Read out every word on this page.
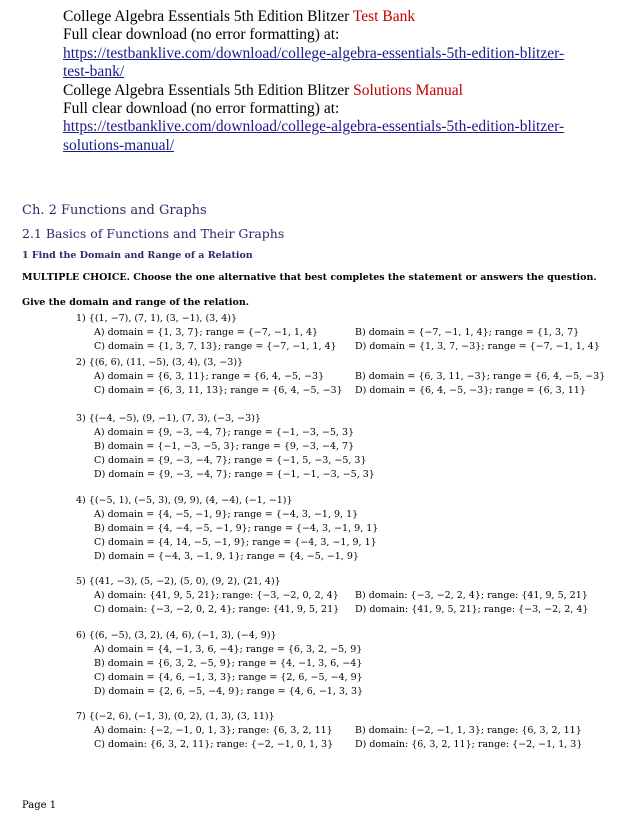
College Algebra Essentials 5th Edition Blitzer Test Bank
Full clear download (no error formatting) at:
https://testbanklive.com/download/college-algebra-essentials-5th-edition-blitzer-
test-bank/
College Algebra Essentials 5th Edition Blitzer Solutions Manual
Full clear download (no error formatting) at:
https://testbanklive.com/download/college-algebra-essentials-5th-edition-blitzer-
solutions-manual/
Ch. 2 Functions and Graphs
2.1 Basics of Functions and Their Graphs
1 Find the Domain and Range of a Relation
MULTIPLE CHOICE. Choose the one alternative that best completes the statement or answers the question.
Give the domain and range of the relation.
1) {(1, −7), (7, 1), (3, −1), (3, 4)}
A) domain = {1, 3, 7}; range = {−7, −1, 1, 4}	B) domain = {−7, −1, 1, 4}; range = {1, 3, 7}
C) domain = {1, 3, 7, 13}; range = {−7, −1, 1, 4} D) domain = {1, 3, 7, −3}; range = {−7, −1, 1, 4}
2) {(6, 6), (11, −5), (3, 4), (3, −3)}
A) domain = {6, 3, 11}; range = {6, 4, −5, −3}	B) domain = {6, 3, 11, −3}; range = {6, 4, −5, −3}
C) domain = {6, 3, 11, 13}; range = {6, 4, −5, −3} D) domain = {6, 4, −5, −3}; range = {6, 3, 11}
3) {(−4, −5), (9, −1), (7, 3), (−3, −3)}
A) domain = {9, −3, −4, 7}; range = {−1, −3, −5, 3}
B) domain = {−1, −3, −5, 3}; range = {9, −3, −4, 7}
C) domain = {9, −3, −4, 7}; range = {−1, 5, −3, −5, 3}
D) domain = {9, −3, −4, 7}; range = {−1, −1, −3, −5, 3}
4) {(−5, 1), (−5, 3), (9, 9), (4, −4), (−1, −1)}
A) domain = {4, −5, −1, 9}; range = {−4, 3, −1, 9, 1}
B) domain = {4, −4, −5, −1, 9}; range = {−4, 3, −1, 9, 1}
C) domain = {4, 14, −5, −1, 9}; range = {−4, 3, −1, 9, 1}
D) domain = {−4, 3, −1, 9, 1}; range = {4, −5, −1, 9}
5) {(41, −3), (5, −2), (5, 0), (9, 2), (21, 4)}
A) domain: {41, 9, 5, 21}; range: {−3, −2, 0, 2, 4} B) domain: {−3, −2, 2, 4}; range: {41, 9, 5, 21}
C) domain: {−3, −2, 0, 2, 4}; range: {41, 9, 5, 21} D) domain: {41, 9, 5, 21}; range: {−3, −2, 2, 4}
6) {(6, −5), (3, 2), (4, 6), (−1, 3), (−4, 9)}
A) domain = {4, −1, 3, 6, −4}; range = {6, 3, 2, −5, 9}
B) domain = {6, 3, 2, −5, 9}; range = {4, −1, 3, 6, −4}
C) domain = {4, 6, −1, 3, 3}; range = {2, 6, −5, −4, 9}
D) domain = {2, 6, −5, −4, 9}; range = {4, 6, −1, 3, 3}
7) {(−2, 6), (−1, 3), (0, 2), (1, 3), (3, 11)}
A) domain: {−2, −1, 0, 1, 3}; range: {6, 3, 2, 11} B) domain: {−2, −1, 1, 3}; range: {6, 3, 2, 11}
C) domain: {6, 3, 2, 11}; range: {−2, −1, 0, 1, 3} D) domain: {6, 3, 2, 11}; range: {−2, −1, 1, 3}
Page 1
